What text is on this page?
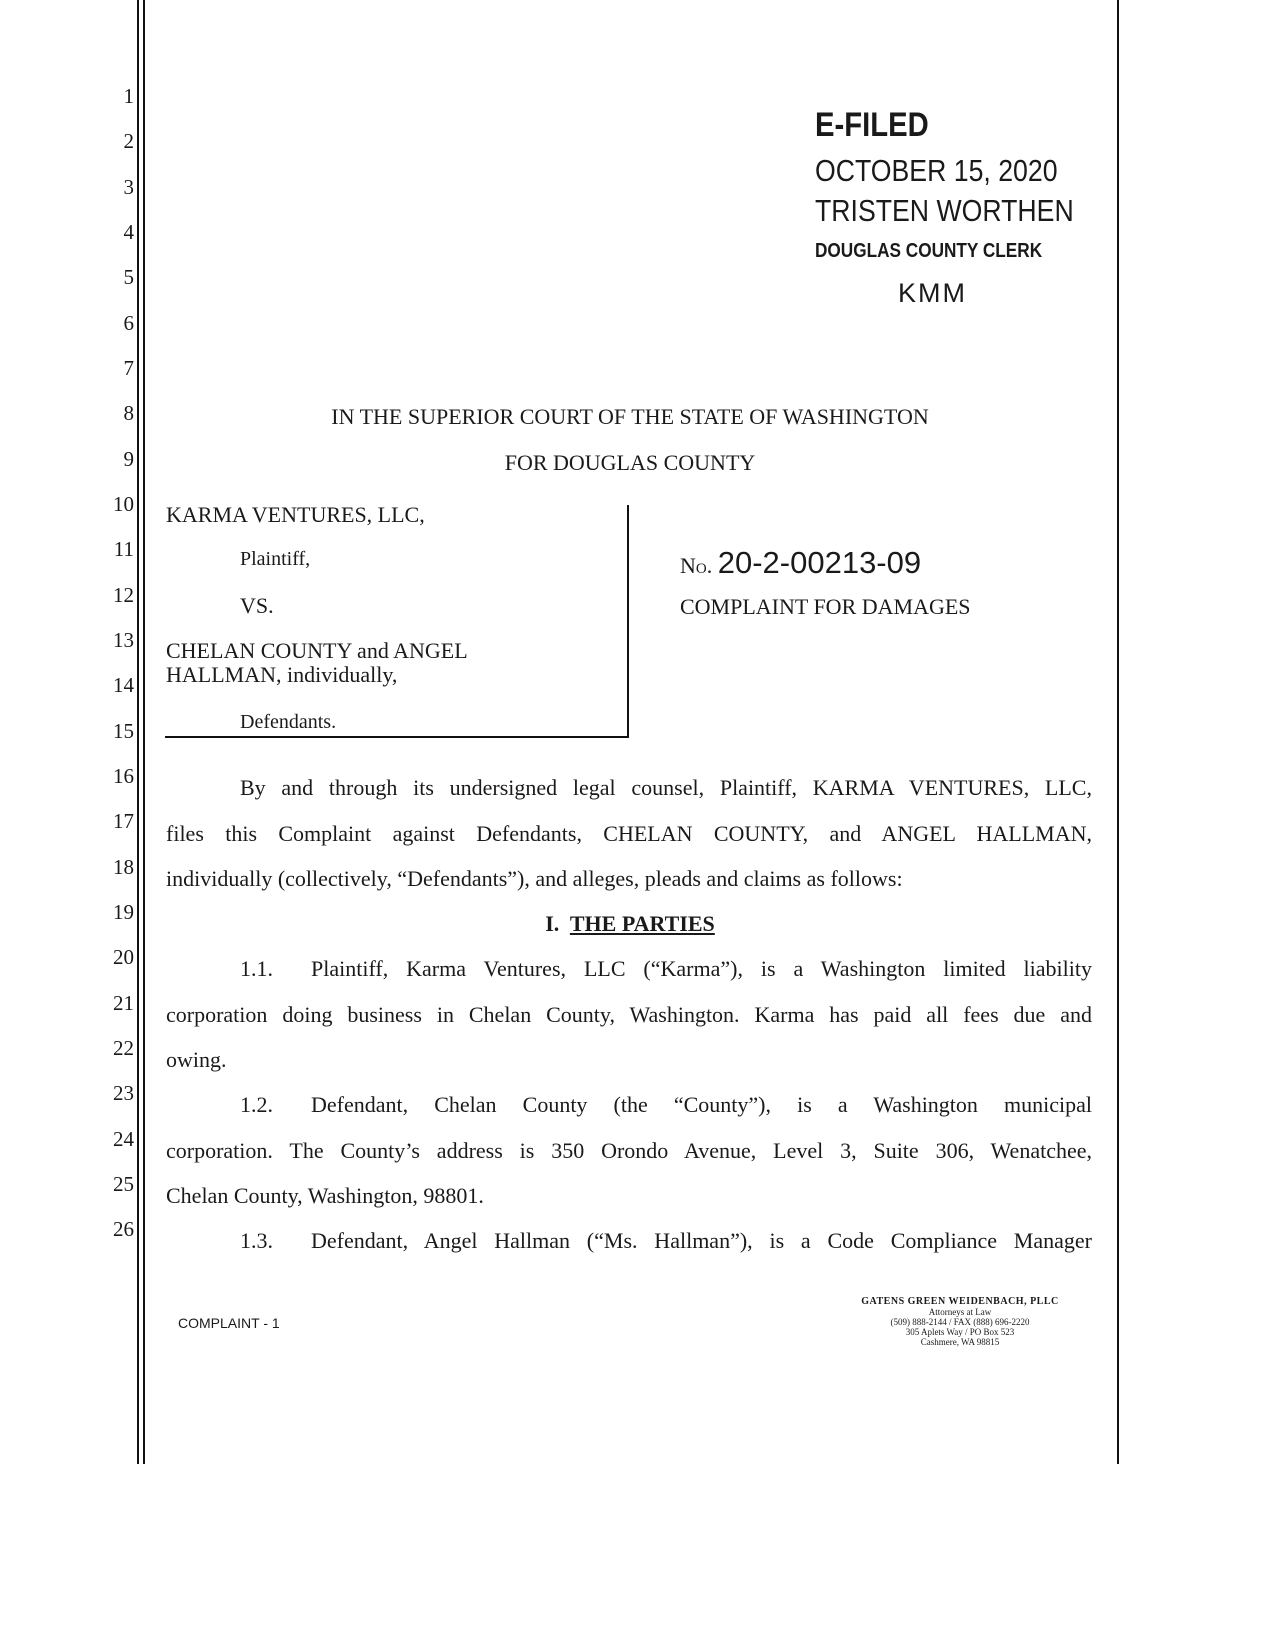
1
2
3
4
5
6
7
8
9
10
11
12
13
14
15
16
17
18
19
20
21
22
23
24
25
26
E-FILED
OCTOBER 15, 2020
TRISTEN WORTHEN
DOUGLAS COUNTY CLERK
KMM
IN THE SUPERIOR COURT OF THE STATE OF WASHINGTON
FOR DOUGLAS COUNTY
KARMA VENTURES, LLC,
Plaintiff,
VS.
CHELAN COUNTY and ANGEL
HALLMAN, individually,
Defendants.
No. 20-2-00213-09
COMPLAINT FOR DAMAGES
By and through its undersigned legal counsel, Plaintiff, KARMA VENTURES, LLC,
files this Complaint against Defendants, CHELAN COUNTY, and ANGEL HALLMAN,
individually (collectively, “Defendants”), and alleges, pleads and claims as follows:
I. THE PARTIES
1.1. Plaintiff, Karma Ventures, LLC (“Karma”), is a Washington limited liability
corporation doing business in Chelan County, Washington. Karma has paid all fees due and
owing.
1.2. Defendant, Chelan County (the “County”), is a Washington municipal
corporation. The County’s address is 350 Orondo Avenue, Level 3, Suite 306, Wenatchee,
Chelan County, Washington, 98801.
1.3. Defendant, Angel Hallman (“Ms. Hallman”), is a Code Compliance Manager
COMPLAINT - 1
GATENS GREEN WEIDENBACH, PLLC
Attorneys at Law
(509) 888-2144 / FAX (888) 696-2220
305 Aplets Way / PO Box 523
Cashmere, WA 98815
